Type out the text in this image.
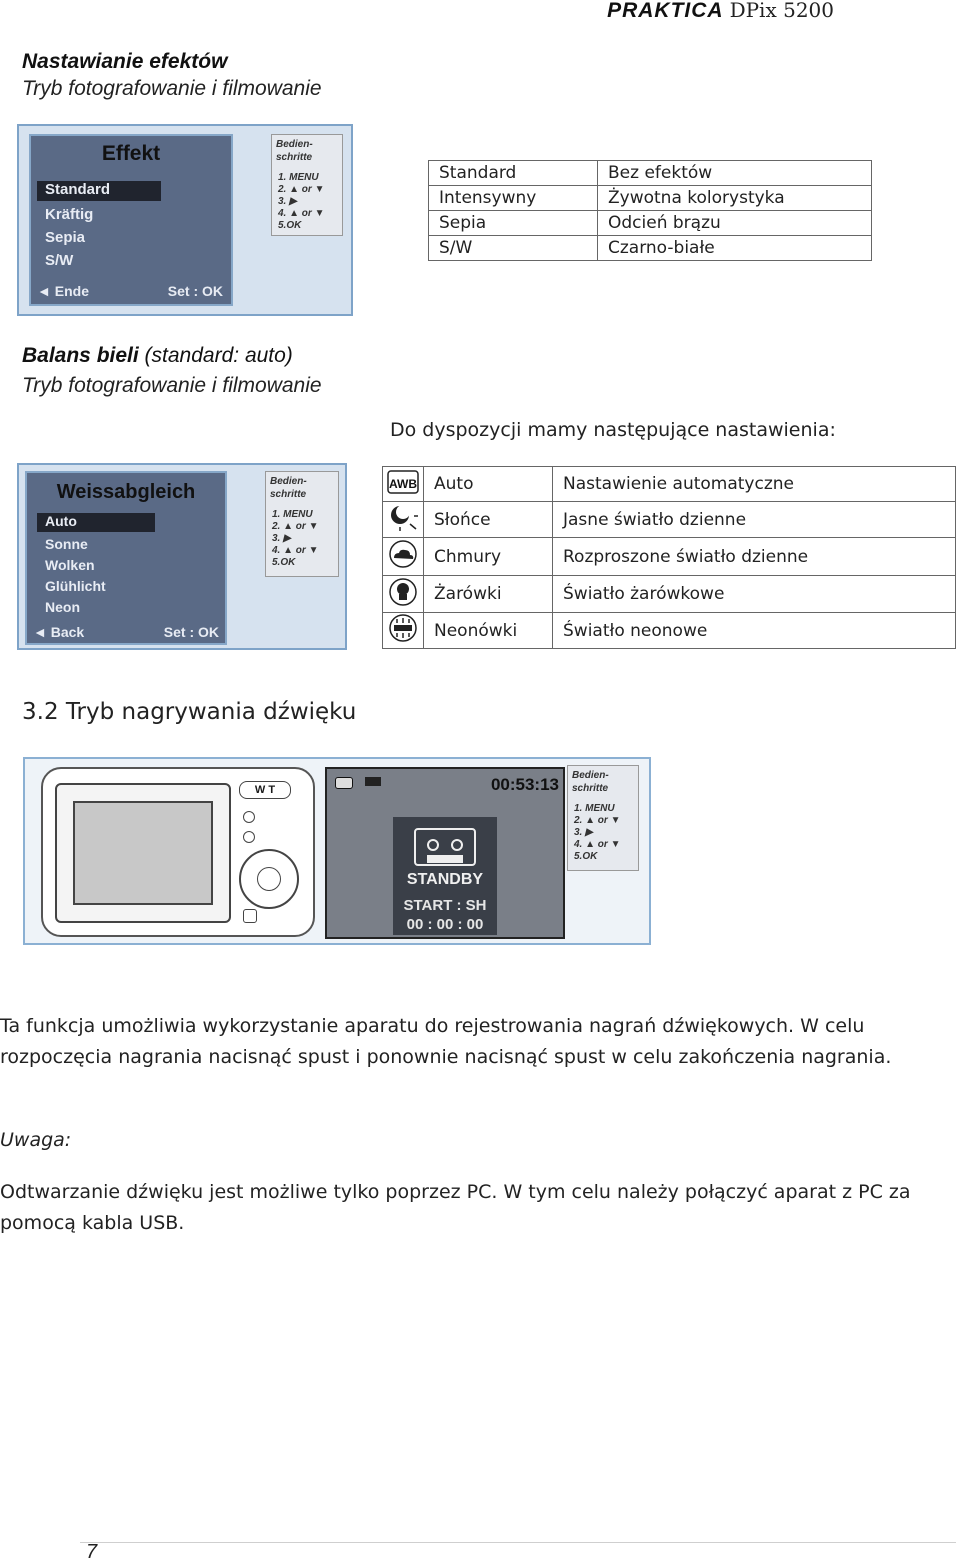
PRAKTICA DPix 5200
Nastawianie efektów
Tryb fotografowanie i filmowanie
Effekt
Standard
Kräftig
Sepia
S/W
◄ Ende	Set : OK
Bedien-schritte
1. MENU
2. ▲ or ▼
3. ▶
4. ▲ or ▼
5.OK
Standard	Bez efektów
Intensywny	Żywotna kolorystyka
Sepia	Odcień brązu
S/W	Czarno-białe
Balans bieli (standard: auto)
Tryb fotografowanie i filmowanie
Do dyspozycji mamy następujące nastawienia:
Weissabgleich
Auto
Sonne
Wolken
Glühlicht
Neon
◄ Back	Set : OK
Bedien-schritte
1. MENU
2. ▲ or ▼
3. ▶
4. ▲ or ▼
5.OK
AWB	Auto	Nastawienie automatyczne
	Słońce	Jasne światło dzienne
	Chmury	Rozproszone światło dzienne
	Żarówki	Światło żarówkowe
	Neonówki	Światło neonowe
3.2 Tryb nagrywania dźwięku
W T	00:53:13
STANDBY
START : SH
00 : 00 : 00
Bedien-schritte
1. MENU
2. ▲ or ▼
3. ▶
4. ▲ or ▼
5.OK
Ta funkcja umożliwia wykorzystanie aparatu do rejestrowania nagrań dźwiękowych. W celu rozpoczęcia nagrania nacisnąć spust i ponownie nacisnąć spust w celu zakończenia nagrania.
Uwaga:
Odtwarzanie dźwięku jest możliwe tylko poprzez PC. W tym celu należy połączyć aparat z PC za pomocą kabla USB.
7
